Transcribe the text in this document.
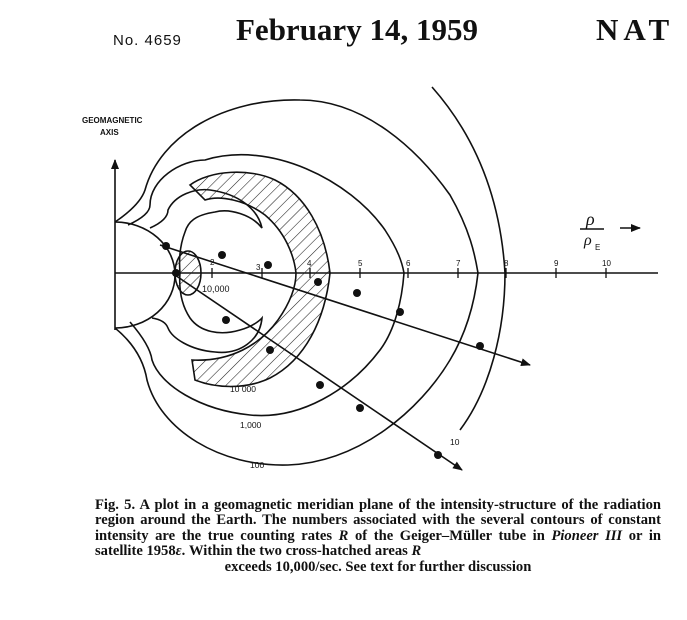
No. 4659 February 14, 1959	NAT
2
3	4	5	6	7	8	9	10
GEOMAGNETIC
AXIS
10,000
10 000
1,000
100
10
ρ
ρ E
Fig. 5. A plot in a geomagnetic meridian plane of the intensity-structure of the radiation region around the Earth. The numbers associated with the several contours of constant intensity are the true counting rates R of the Geiger–Müller tube in Pioneer III or in satellite 1958ε. Within the two cross-hatched areas R
exceeds 10,000/sec. See text for further discussion
